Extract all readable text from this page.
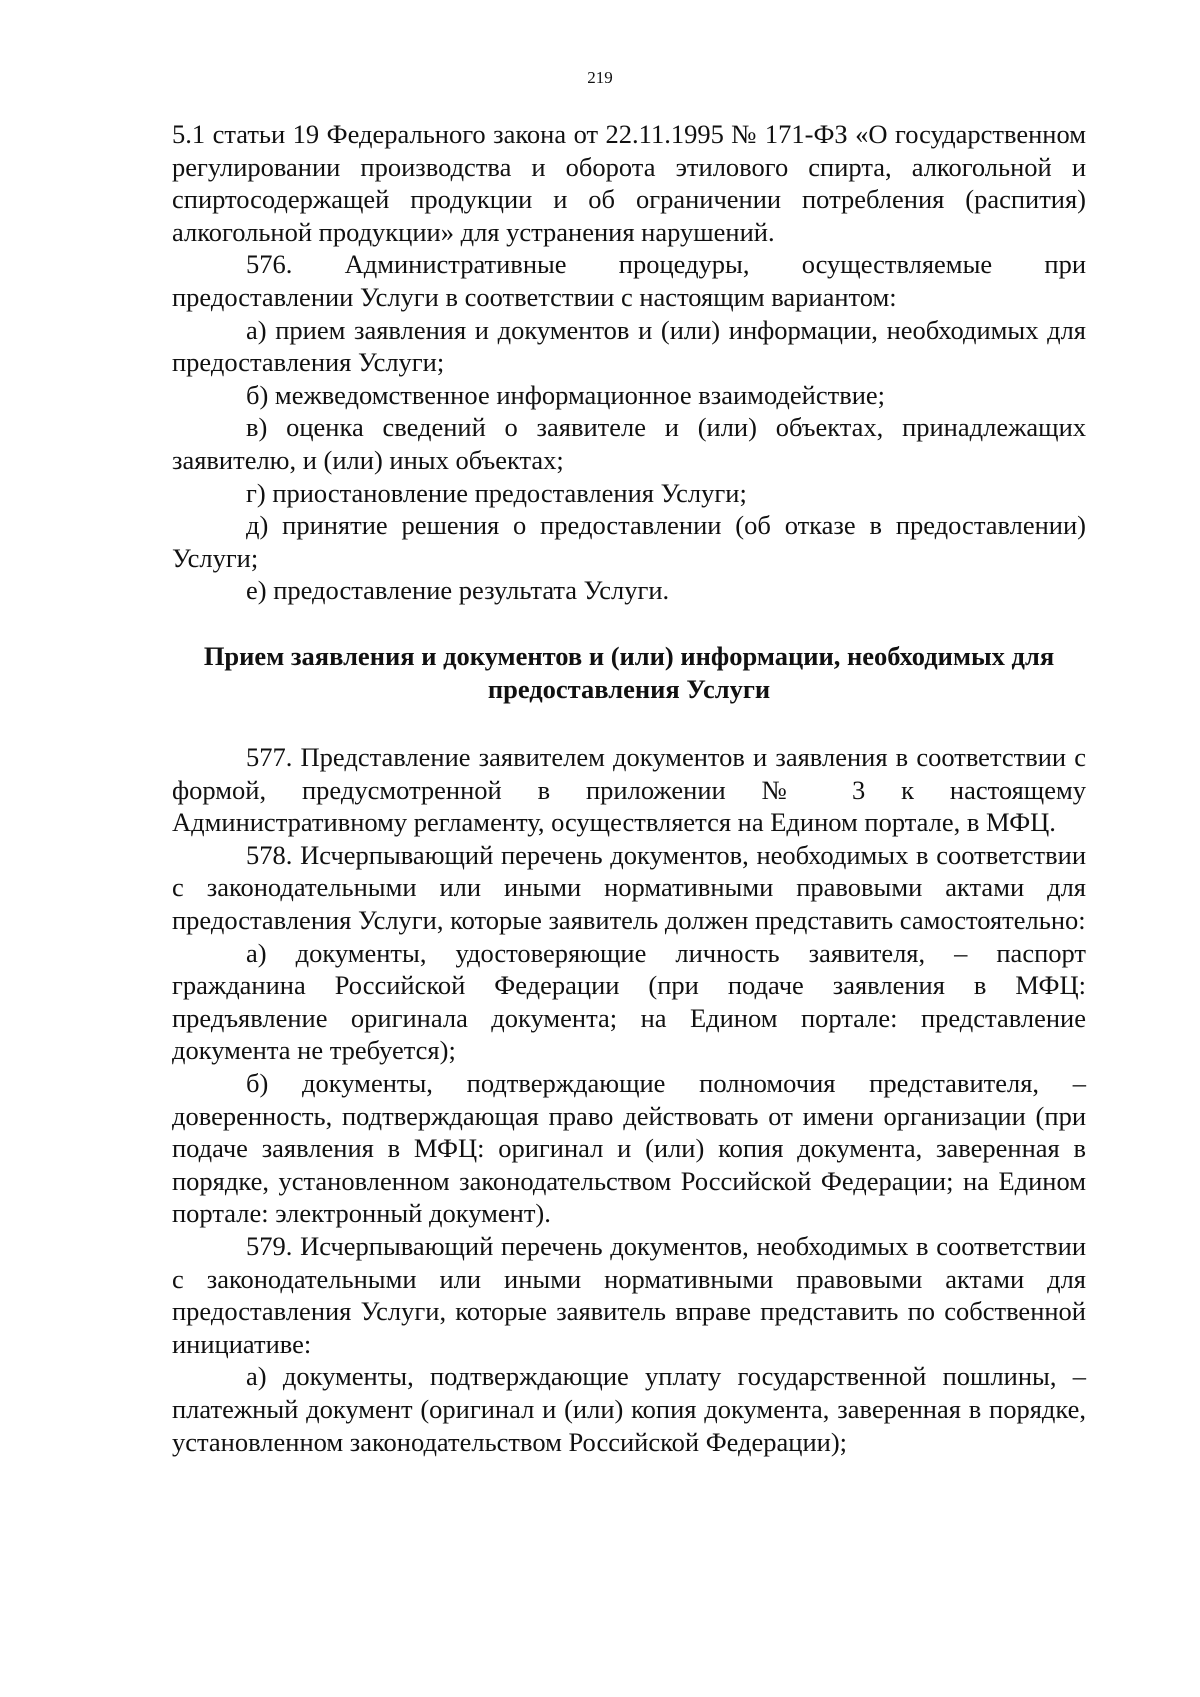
219

5.1 статьи 19 Федерального закона от 22.11.1995 № 171-ФЗ «О государственном регулировании производства и оборота этилового спирта, алкогольной и спиртосодержащей продукции и об ограничении потребления (распития) алкогольной продукции» для устранения нарушений.

576. Административные процедуры, осуществляемые при предоставлении Услуги в соответствии с настоящим вариантом:

а) прием заявления и документов и (или) информации, необходимых для предоставления Услуги;

б) межведомственное информационное взаимодействие;

в) оценка сведений о заявителе и (или) объектах, принадлежащих заявителю, и (или) иных объектах;

г) приостановление предоставления Услуги;

д) принятие решения о предоставлении (об отказе в предоставлении) Услуги;

е) предоставление результата Услуги.

Прием заявления и документов и (или) информации, необходимых для предоставления Услуги

577. Представление заявителем документов и заявления в соответствии с формой, предусмотренной в приложении № 3 к настоящему Административному регламенту, осуществляется на Едином портале, в МФЦ.

578. Исчерпывающий перечень документов, необходимых в соответствии с законодательными или иными нормативными правовыми актами для предоставления Услуги, которые заявитель должен представить самостоятельно:

а) документы, удостоверяющие личность заявителя, – паспорт гражданина Российской Федерации (при подаче заявления в МФЦ: предъявление оригинала документа; на Едином портале: представление документа не требуется);

б) документы, подтверждающие полномочия представителя, – доверенность, подтверждающая право действовать от имени организации (при подаче заявления в МФЦ: оригинал и (или) копия документа, заверенная в порядке, установленном законодательством Российской Федерации; на Едином портале: электронный документ).

579. Исчерпывающий перечень документов, необходимых в соответствии с законодательными или иными нормативными правовыми актами для предоставления Услуги, которые заявитель вправе представить по собственной инициативе:

а) документы, подтверждающие уплату государственной пошлины, – платежный документ (оригинал и (или) копия документа, заверенная в порядке, установленном законодательством Российской Федерации);
